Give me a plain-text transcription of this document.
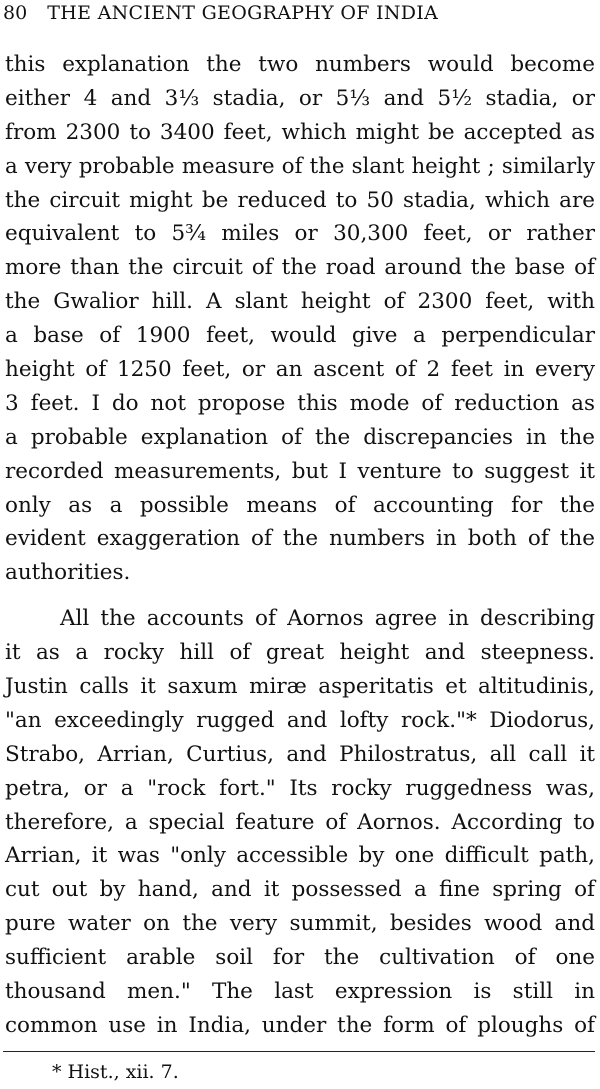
80 THE ANCIENT GEOGRAPHY OF INDIA
this explanation the two numbers would become
either 4 and 3⅓ stadia, or 5⅓ and 5½ stadia, or
from 2300 to 3400 feet, which might be accepted as
a very probable measure of the slant height ; similarly
the circuit might be reduced to 50 stadia, which are
equivalent to 5¾ miles or 30,300 feet, or rather
more than the circuit of the road around the base of
the Gwalior hill. A slant height of 2300 feet, with
a base of 1900 feet, would give a perpendicular
height of 1250 feet, or an ascent of 2 feet in every
3 feet. I do not propose this mode of reduction as
a probable explanation of the discrepancies in the
recorded measurements, but I venture to suggest it
only as a possible means of accounting for the
evident exaggeration of the numbers in both of the
authorities.
All the accounts of Aornos agree in describing
it as a rocky hill of great height and steepness.
Justin calls it saxum miræ asperitatis et altitudinis,
"an exceedingly rugged and lofty rock."* Diodorus,
Strabo, Arrian, Curtius, and Philostratus, all call it
petra, or a "rock fort." Its rocky ruggedness was,
therefore, a special feature of Aornos. According to
Arrian, it was "only accessible by one difficult path,
cut out by hand, and it possessed a fine spring of
pure water on the very summit, besides wood and
sufficient arable soil for the cultivation of one
thousand men." The last expression is still in
common use in India, under the form of ploughs of
* Hist., xii. 7.
